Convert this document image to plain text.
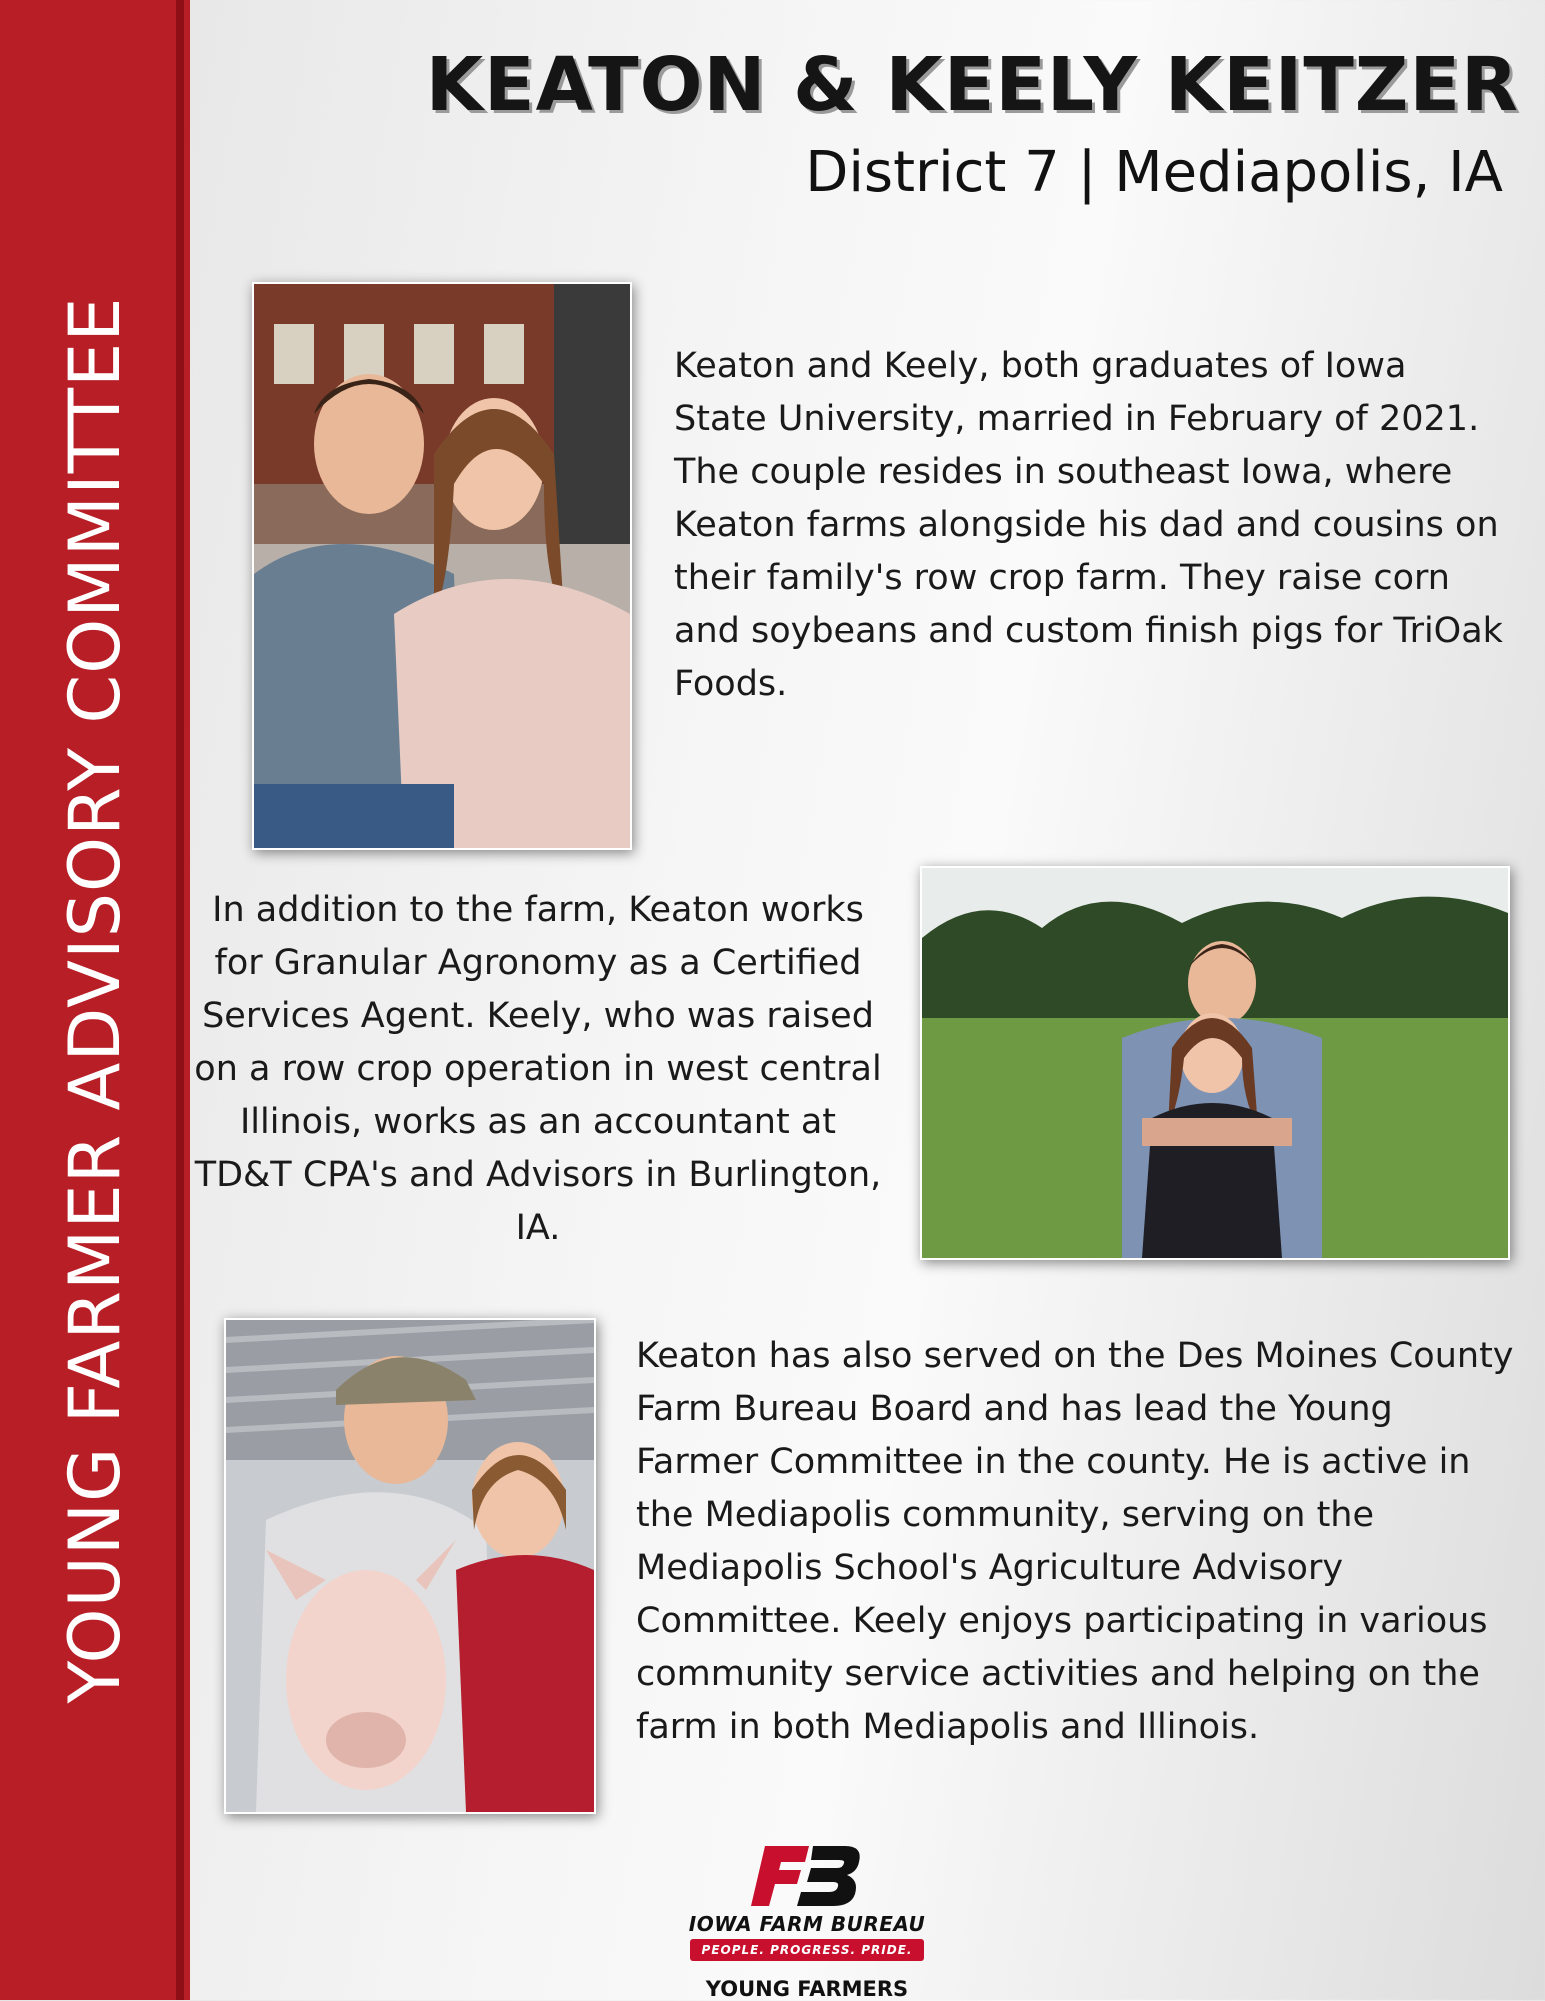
YOUNG FARMER ADVISORY COMMITTEE
KEATON & KEELY KEITZER

District 7 | Mediapolis, IA

Keaton and Keely, both graduates of Iowa State University, married in February of 2021. The couple resides in southeast Iowa, where Keaton farms alongside his dad and cousins on their family's row crop farm. They raise corn and soybeans and custom finish pigs for TriOak Foods.

In addition to the farm, Keaton works for Granular Agronomy as a Certified Services Agent. Keely, who was raised on a row crop operation in west central Illinois, works as an accountant at TD&T CPA's and Advisors in Burlington, IA.

Keaton has also served on the Des Moines County Farm Bureau Board and has lead the Young Farmer Committee in the county. He is active in the Mediapolis community, serving on the Mediapolis School's Agriculture Advisory Committee. Keely enjoys participating in various community service activities and helping on the farm in both Mediapolis and Illinois.

IOWA FARM BUREAU
PEOPLE. PROGRESS. PRIDE.
YOUNG FARMERS
